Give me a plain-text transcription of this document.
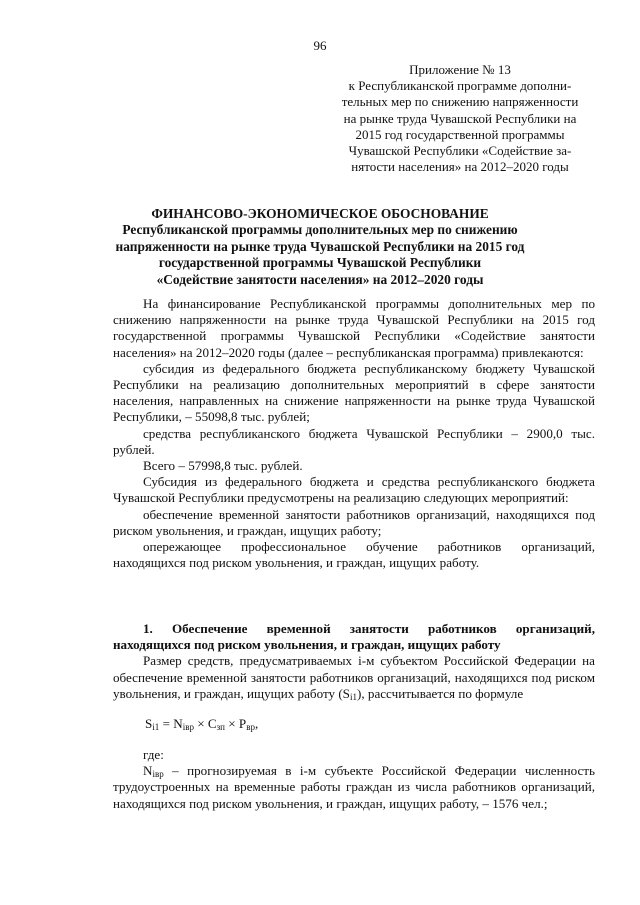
96
Приложение № 13
к Республиканской программе дополни-
тельных мер по снижению напряженности
на рынке труда Чувашской Республики на
2015 год государственной программы
Чувашской Республики «Содействие за-
нятости населения» на 2012–2020 годы
ФИНАНСОВО-ЭКОНОМИЧЕСКОЕ ОБОСНОВАНИЕ
Республиканской программы дополнительных мер по снижению
напряженности на рынке труда Чувашской Республики на 2015 год
государственной программы Чувашской Республики
«Содействие занятости населения» на 2012–2020 годы

На финансирование Республиканской программы дополнительных мер по снижению напряженности на рынке труда Чувашской Республики на 2015 год государственной программы Чувашской Республики «Содействие занятости населения» на 2012–2020 годы (далее – республиканская программа) привлекаются:

субсидия из федерального бюджета республиканскому бюджету Чувашской Республики на реализацию дополнительных мероприятий в сфере занятости населения, направленных на снижение напряженности на рынке труда Чувашской Республики, – 55098,8 тыс. рублей;

средства республиканского бюджета Чувашской Республики – 2900,0 тыс. рублей.

Всего – 57998,8 тыс. рублей.

Субсидия из федерального бюджета и средства республиканского бюджета Чувашской Республики предусмотрены на реализацию следующих мероприятий:

обеспечение временной занятости работников организаций, находящихся под риском увольнения, и граждан, ищущих работу;

опережающее профессиональное обучение работников организаций, находящихся под риском увольнения, и граждан, ищущих работу.

1. Обеспечение временной занятости работников организаций, находящихся под риском увольнения, и граждан, ищущих работу

Размер средств, предусматриваемых i-м субъектом Российской Федерации на обеспечение временной занятости работников организаций, находящихся под риском увольнения, и граждан, ищущих работу $(S_{i1})$, рассчитывается по формуле

$S_{i1} = N_{iвр} \times C_{зп} \times P_{вр}$,

где:

$N_{iвр}$ – прогнозируемая в i-м субъекте Российской Федерации численность трудоустроенных на временные работы граждан из числа работников организаций, находящихся под риском увольнения, и граждан, ищущих работу, – 1576 чел.;
